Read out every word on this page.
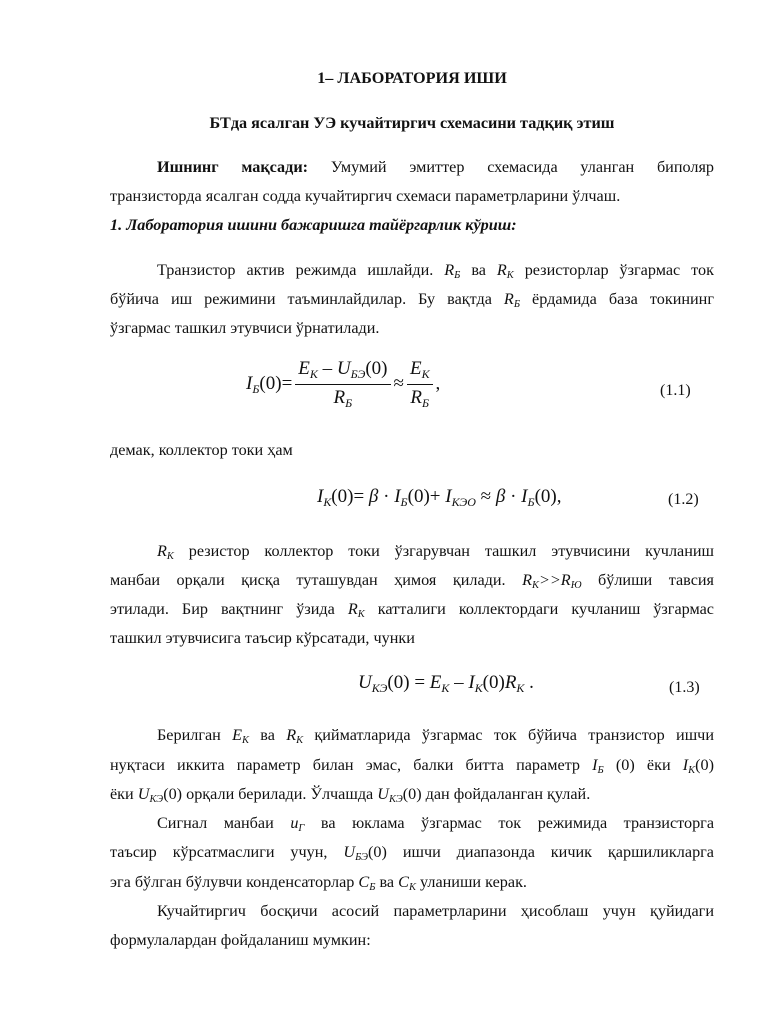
1– ЛАБОРАТОРИЯ ИШИ
БТда ясалган УЭ кучайтиргич схемасини тадқиқ этиш
Ишнинг мақсади: Умумий эмиттер схемасида уланган биполяр
транзисторда ясалган содда кучайтиргич схемаси параметрларини ўлчаш.
1. Лаборатория ишини бажаришга тайёргарлик кўриш:
Транзистор актив режимда ишлайди. $R_Б$ ва $R_К$ резисторлар ўзгармас ток
бўйича иш режимини таъминлайдилар. Бу вақтда $R_Б$ ёрдамида база токининг
ўзгармас ташкил этувчиси ўрнатилади.
$I_Б(0)= \frac{E_К - U_{БЭ}(0)}{R_Б} \approx \frac{E_К}{R_Б}$ ,	(1.1)
демак, коллектор токи ҳам
$I_К(0)= \beta \cdot I_Б(0)+ I_{КЭО} \approx \beta \cdot I_Б(0)$,	(1.2)
$R_К$ резистор коллектор токи ўзгарувчан ташкил этувчисини кучланиш
манбаи орқали қисқа туташувдан ҳимоя қилади. $R_К>>R_Ю$ бўлиши тавсия
этилади. Бир вақтнинг ўзида $R_К$ катталиги коллектордаги кучланиш ўзгармас
ташкил этувчисига таъсир кўрсатади, чунки
$U_{КЭ}(0) = E_К - I_К(0)R_К$ .	(1.3)
Берилган $E_К$ ва $R_К$ қийматларида ўзгармас ток бўйича транзистор ишчи
нуқтаси иккита параметр билан эмас, балки битта параметр $I_Б$ (0) ёки $I_К(0)$
ёки $U_{КЭ}(0)$ орқали берилади. Ўлчашда $U_{КЭ}(0)$ дан фойдаланган қулай.
Сигнал манбаи $u_Г$ ва юклама ўзгармас ток режимида транзисторга
таъсир кўрсатмаслиги учун, $U_{БЭ}(0)$ ишчи диапазонда кичик қаршиликларга
эга бўлган бўлувчи конденсаторлар $C_Б$ ва $C_К$ уланиши керак.
Кучайтиргич босқичи асосий параметрларини ҳисоблаш учун қуйидаги
формулалардан фойдаланиш мумкин:
